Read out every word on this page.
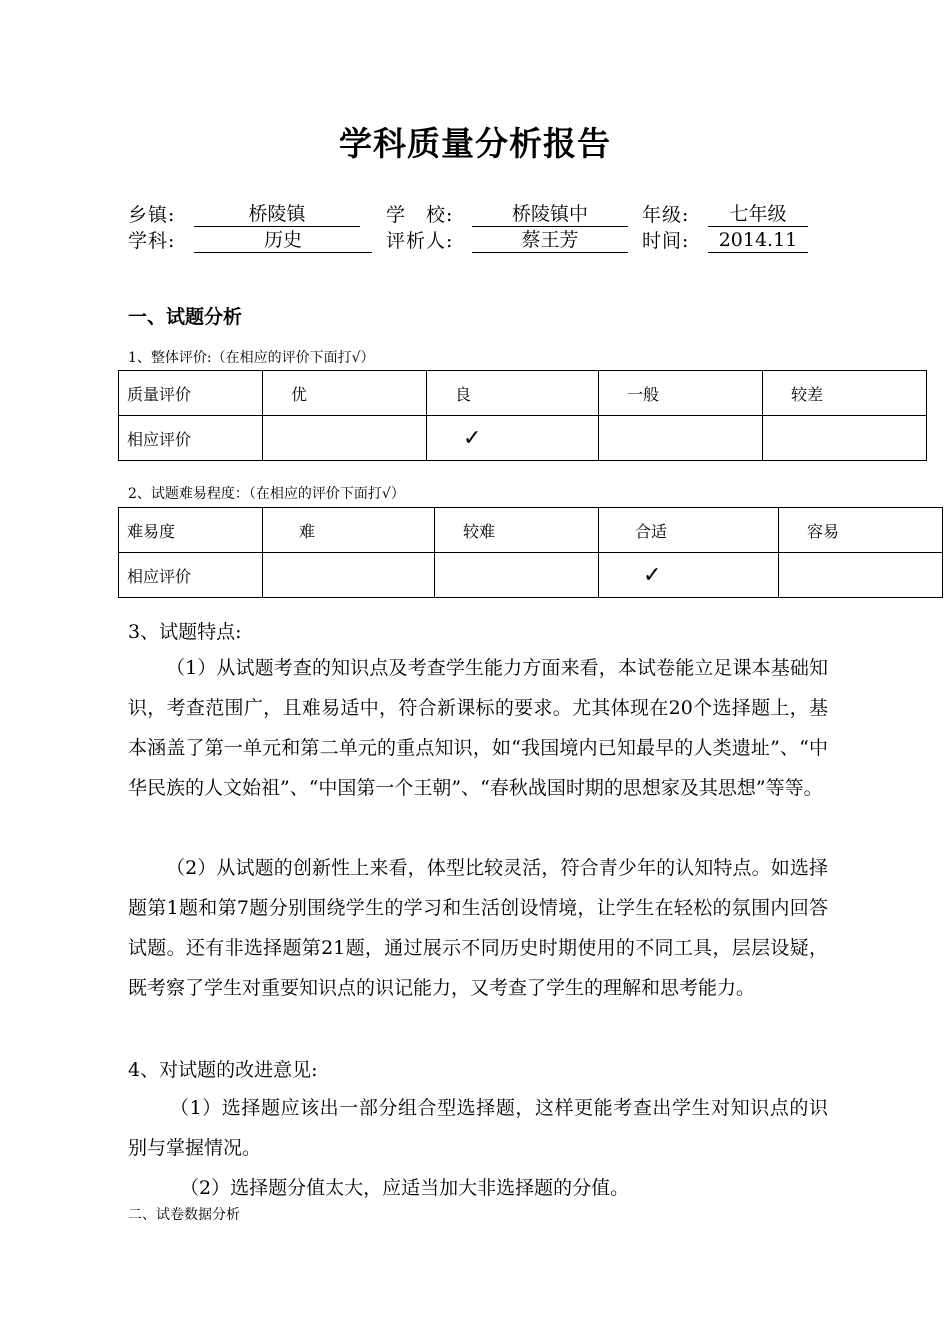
学科质量分析报告
乡镇:	桥陵镇	学　校:	桥陵镇中	年级:	七年级
学科:	历史	评析人:	蔡王芳	时间:	2014.11
一、试题分析
1、整体评价:（在相应的评价下面打√）
质量评价	优	良	一般	较差
相应评价		✓		
2、试题难易程度：（在相应的评价下面打√）
难易度	难	较难	合适	容易
相应评价			✓	
3、试题特点:

（1）从试题考查的知识点及考查学生能力方面来看，本试卷能立足课本基础知识，考查范围广，且难易适中，符合新课标的要求。尤其体现在20个选择题上，基本涵盖了第一单元和第二单元的重点知识，如“我国境内已知最早的人类遗址”、“中华民族的人文始祖”、“中国第一个王朝”、“春秋战国时期的思想家及其思想”等等。

（2）从试题的创新性上来看，体型比较灵活，符合青少年的认知特点。如选择题第1题和第7题分别围绕学生的学习和生活创设情境，让学生在轻松的氛围内回答试题。还有非选择题第21题，通过展示不同历史时期使用的不同工具，层层设疑，既考察了学生对重要知识点的识记能力，又考查了学生的理解和思考能力。

4、对试题的改进意见:

（1）选择题应该出一部分组合型选择题，这样更能考查出学生对知识点的识别与掌握情况。

（2）选择题分值太大，应适当加大非选择题的分值。

二、试卷数据分析
